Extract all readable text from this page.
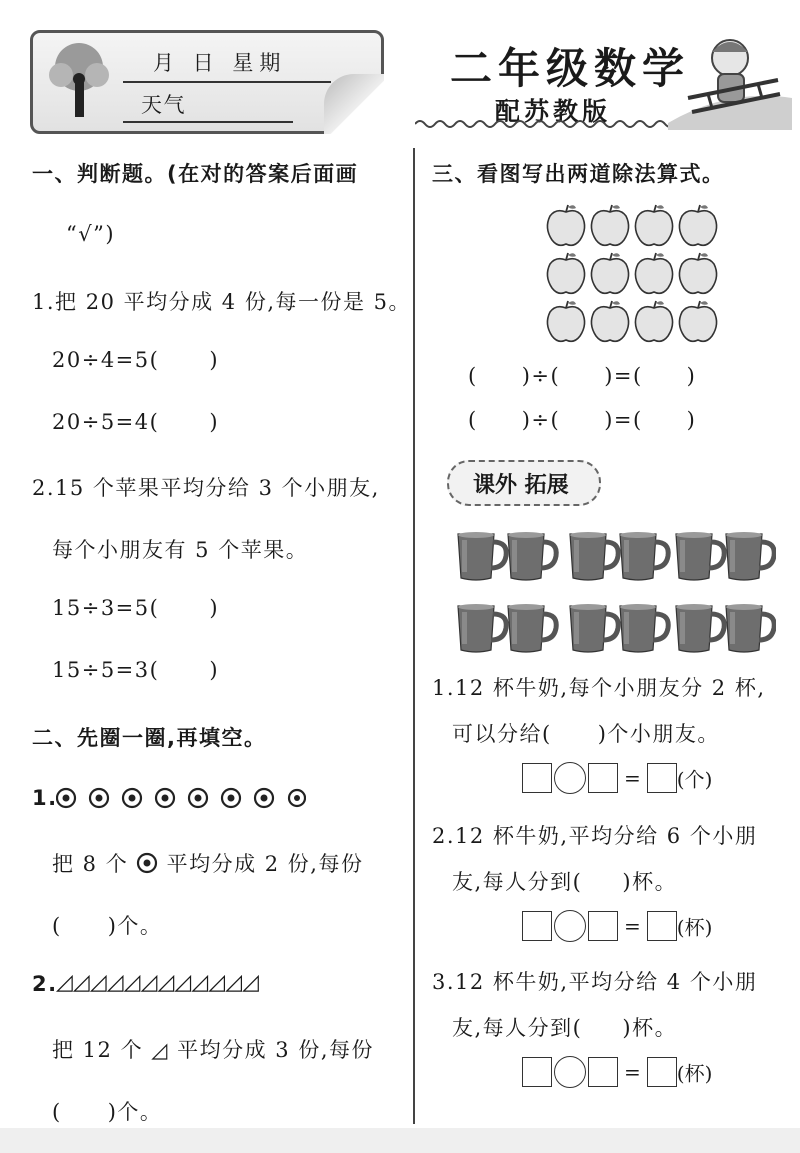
月 日 星期
天气
二年级数学
配苏教版
一、判断题。(在对的答案后面画
“√”)
1.把 20 平均分成 4 份,每一份是 5。
20÷4=5( )
20÷5=4( )
2.15 个苹果平均分给 3 个小朋友,
每个小朋友有 5 个苹果。
15÷3=5( )
15÷5=3( )
二、先圈一圈,再填空。
1.
把 8 个 平均分成 2 份,每份
( )个。
2.
◿◿◿◿◿◿◿◿◿◿◿◿
把 12 个 ◿ 平均分成 3 份,每份
( )个。
三、看图写出两道除法算式。
( )÷( )=( )
( )÷( )=( )
课外 拓展
1.12 杯牛奶,每个小朋友分 2 杯,
可以分给( )个小朋友。
= (个)
2.12 杯牛奶,平均分给 6 个小朋
友,每人分到( )杯。
= (杯)
3.12 杯牛奶,平均分给 4 个小朋
友,每人分到( )杯。
= (杯)
